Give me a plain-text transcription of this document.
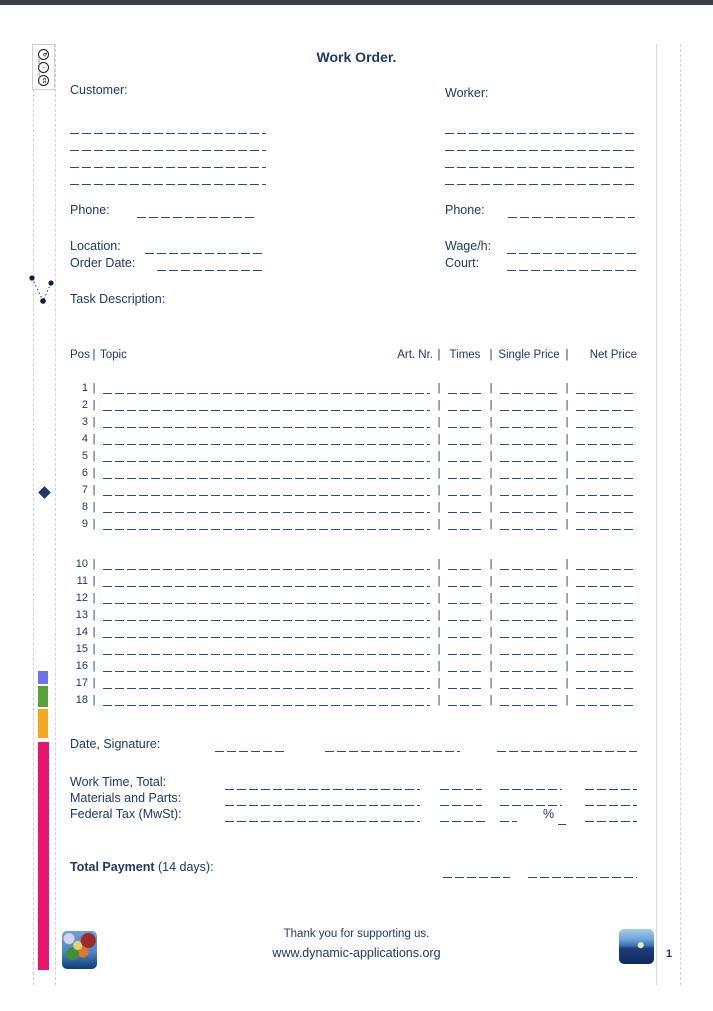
↻
↓
cc
creative commons	Work Order.
Customer:	Worker:
Phone:	Phone:
Location:
Order Date:
Wage/h:
Court:
Task Description:
Pos | Topic	Art. Nr. | Times | Single Price |	Net Price
1 |	|	|	|
2 |	|	|	|
3 |	|	|	|
4 |	|	|	|
5 |	|	|	|
6 |	|	|	|
7 |	|	|	|
8 |	|	|	|
9 |	|	|	|
10 |	|	|	|
11 |	|	|	|
12 |	|	|	|
13 |	|	|	|
14 |	|	|	|
15 |	|	|	|
16 |	|	|	|
17 |	|	|	|
18 |	|	|	|
Date, Signature:
Work Time, Total:
Materials and Parts:
Federal Tax (MwSt):	%
Total Payment (14 days):
Thank you for supporting us.
www.dynamic-applications.org	1
